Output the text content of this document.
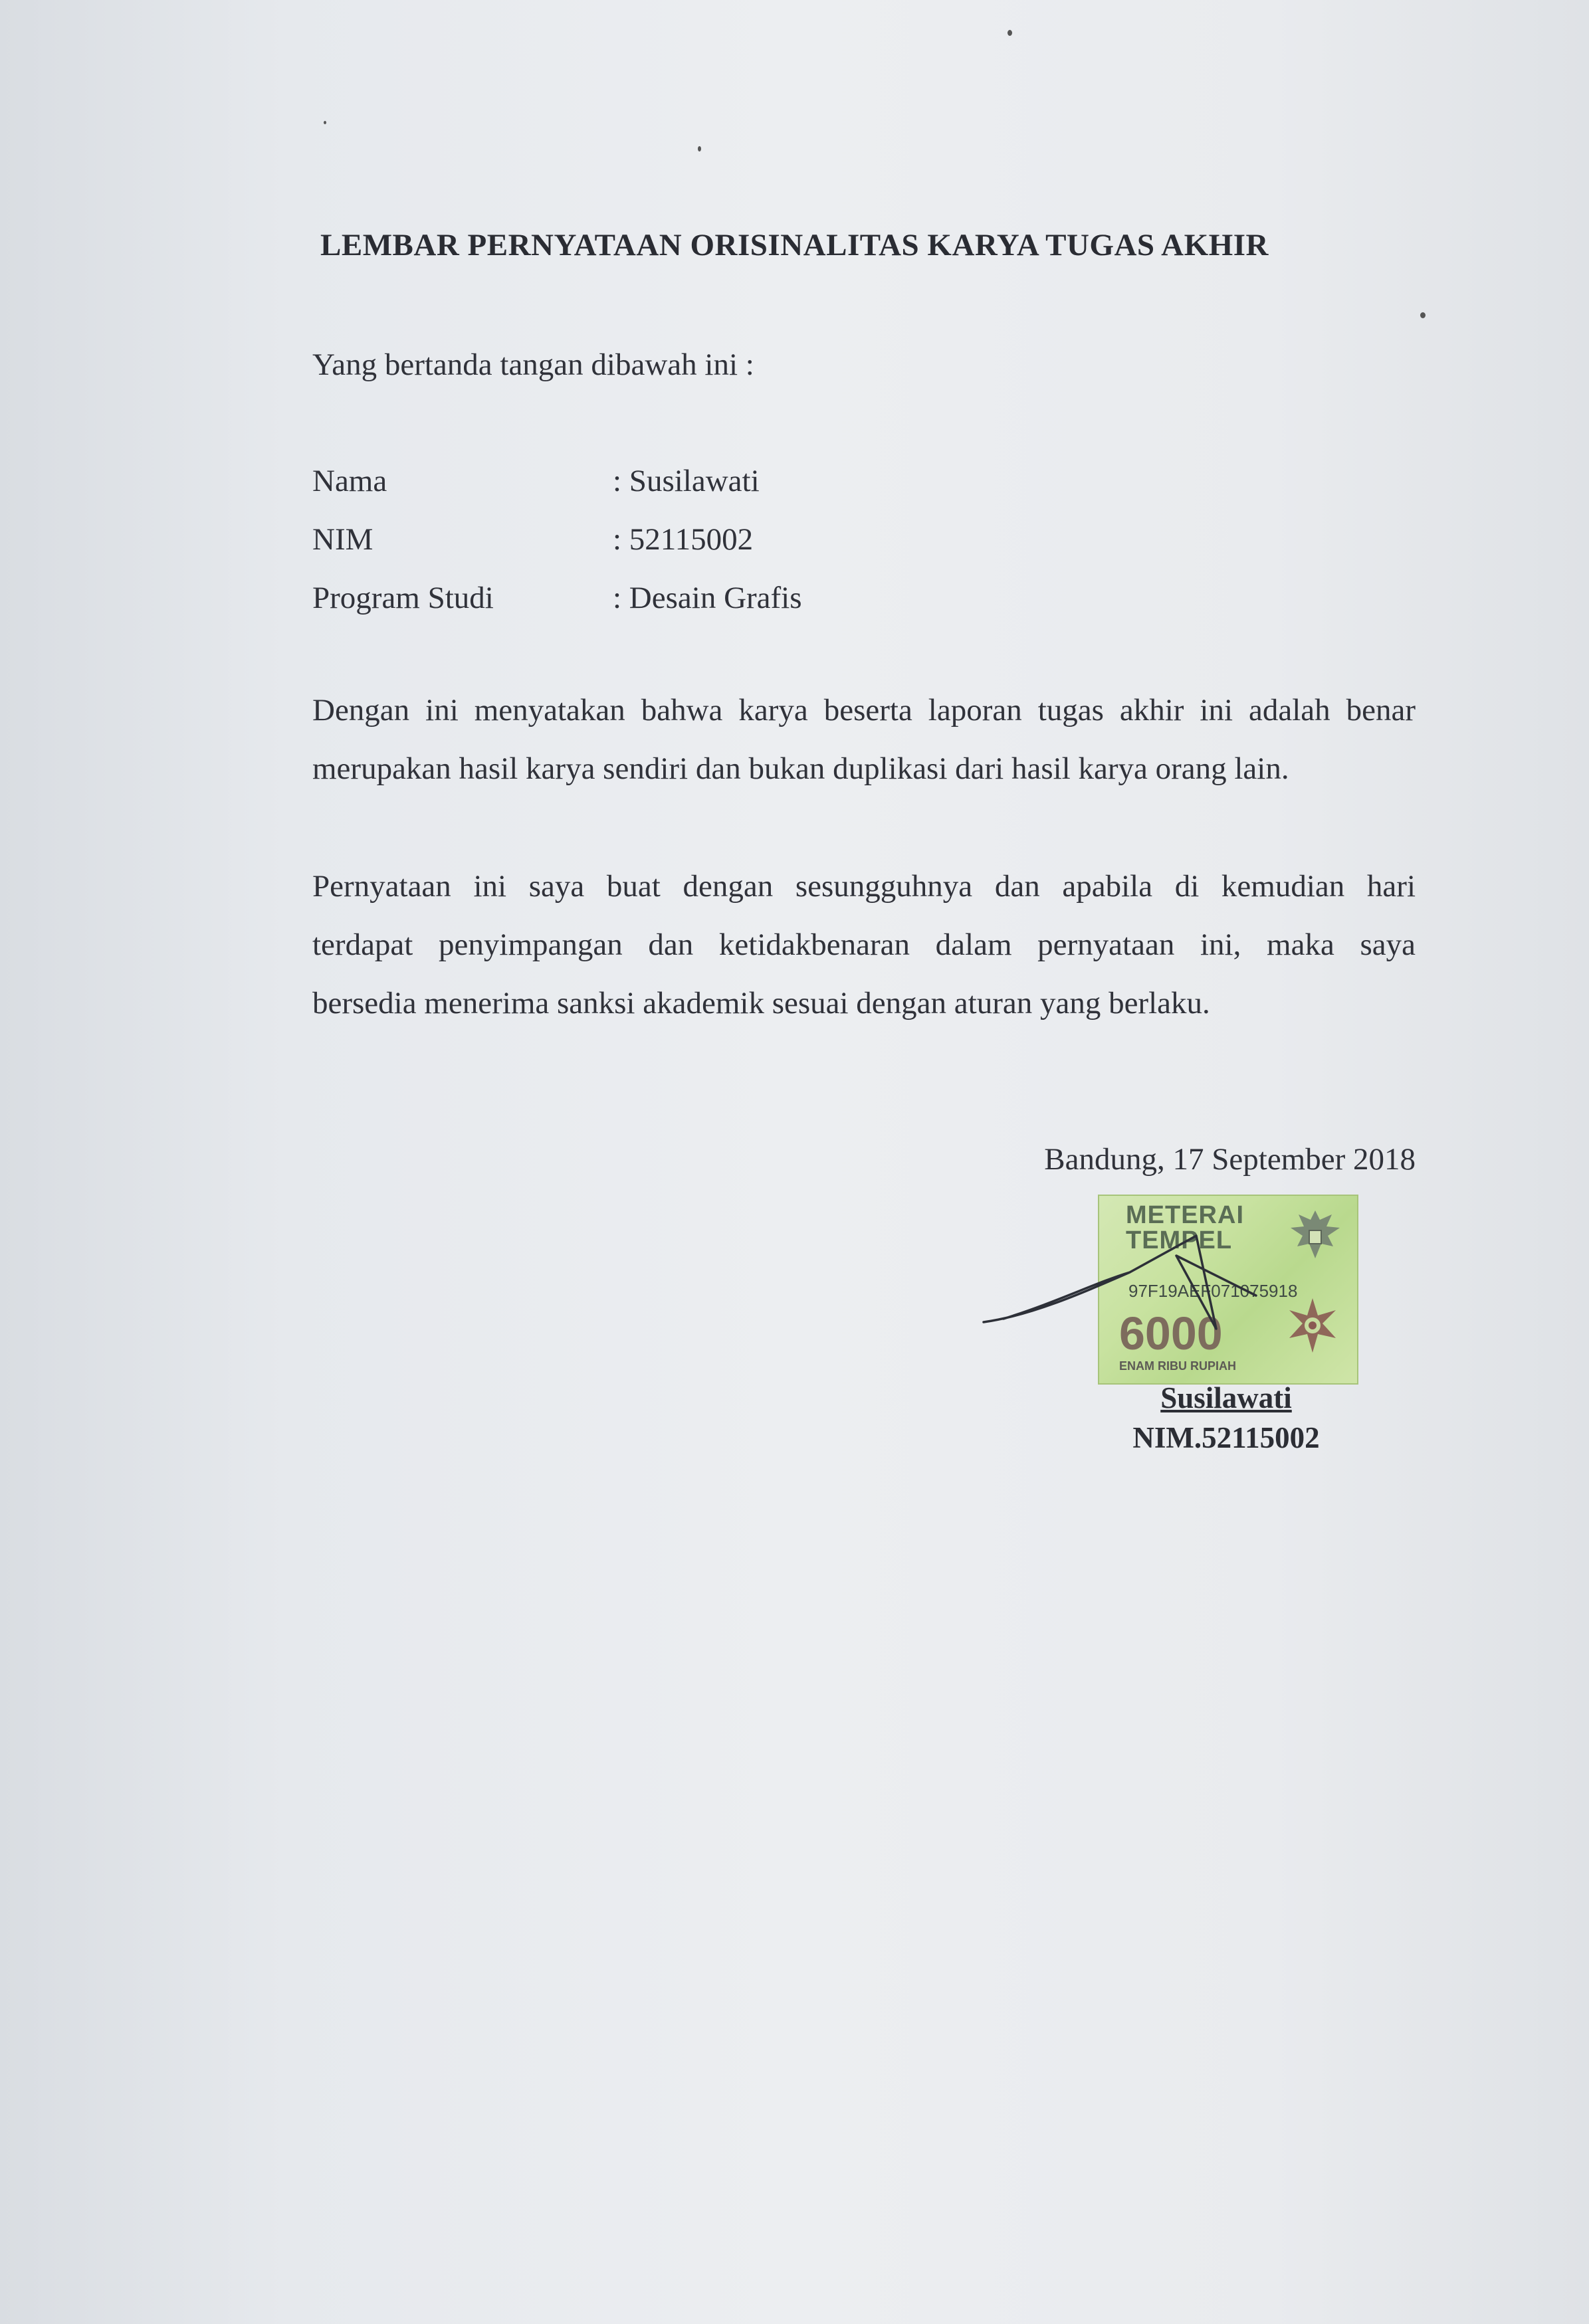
LEMBAR PERNYATAAN ORISINALITAS KARYA TUGAS AKHIR
Yang bertanda tangan dibawah ini :
Nama	: Susilawati
NIM	: 52115002
Program Studi	: Desain Grafis
Dengan ini menyatakan bahwa karya beserta laporan tugas akhir ini adalah benar
merupakan hasil karya sendiri dan bukan duplikasi dari hasil karya orang lain.
Pernyataan ini saya buat dengan sesungguhnya dan apabila di kemudian hari
terdapat penyimpangan dan ketidakbenaran dalam pernyataan ini, maka saya
bersedia menerima sanksi akademik sesuai dengan aturan yang berlaku.
Bandung, 17 September 2018
METERAI
TEMPEL
97F19AEF071075918
6000
ENAM RIBU RUPIAH
Susilawati
NIM.52115002
